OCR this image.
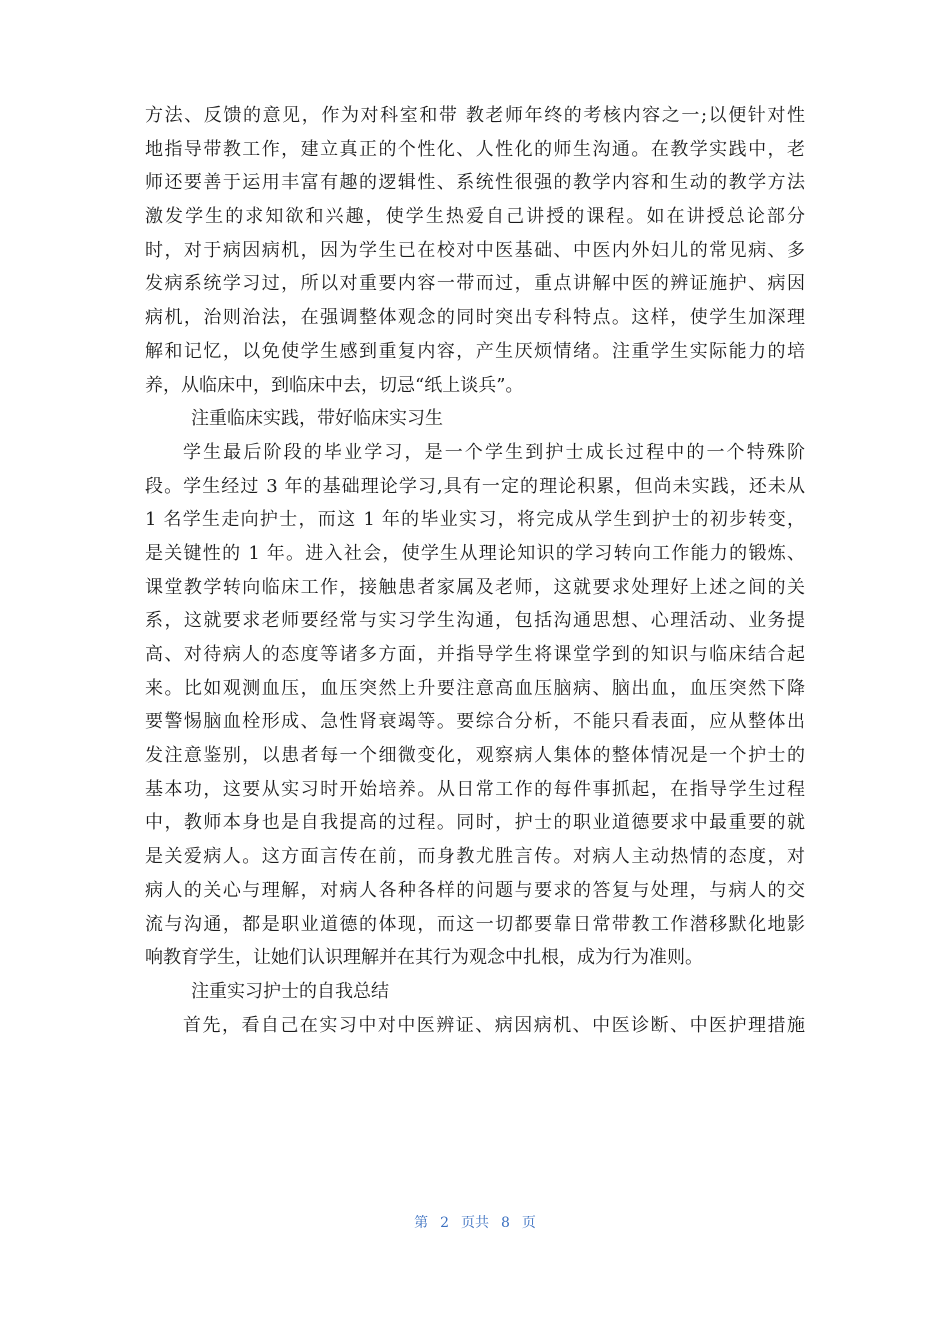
方法、反馈的意见，作为对科室和带 教老师年终的考核内容之一;以便针对性
地指导带教工作，建立真正的个性化、人性化的师生沟通。在教学实践中，老
师还要善于运用丰富有趣的逻辑性、系统性很强的教学内容和生动的教学方法
激发学生的求知欲和兴趣，使学生热爱自己讲授的课程。如在讲授总论部分
时，对于病因病机，因为学生已在校对中医基础、中医内外妇儿的常见病、多
发病系统学习过，所以对重要内容一带而过，重点讲解中医的辨证施护、病因
病机，治则治法，在强调整体观念的同时突出专科特点。这样，使学生加深理
解和记忆，以免使学生感到重复内容，产生厌烦情绪。注重学生实际能力的培
养，从临床中，到临床中去，切忌“纸上谈兵”。
注重临床实践，带好临床实习生
学生最后阶段的毕业学习，是一个学生到护士成长过程中的一个特殊阶
段。学生经过 3 年的基础理论学习,具有一定的理论积累，但尚未实践，还未从
1 名学生走向护士，而这 1 年的毕业实习，将完成从学生到护士的初步转变，
是关键性的 1 年。进入社会，使学生从理论知识的学习转向工作能力的锻炼、
课堂教学转向临床工作，接触患者家属及老师，这就要求处理好上述之间的关
系，这就要求老师要经常与实习学生沟通，包括沟通思想、心理活动、业务提
高、对待病人的态度等诸多方面，并指导学生将课堂学到的知识与临床结合起
来。比如观测血压，血压突然上升要注意高血压脑病、脑出血，血压突然下降
要警惕脑血栓形成、急性肾衰竭等。要综合分析，不能只看表面，应从整体出
发注意鉴别，以患者每一个细微变化，观察病人集体的整体情况是一个护士的
基本功，这要从实习时开始培养。从日常工作的每件事抓起，在指导学生过程
中，教师本身也是自我提高的过程。同时，护士的职业道德要求中最重要的就
是关爱病人。这方面言传在前，而身教尤胜言传。对病人主动热情的态度，对
病人的关心与理解，对病人各种各样的问题与要求的答复与处理，与病人的交
流与沟通，都是职业道德的体现，而这一切都要靠日常带教工作潜移默化地影
响教育学生，让她们认识理解并在其行为观念中扎根，成为行为准则。
注重实习护士的自我总结
首先，看自己在实习中对中医辨证、病因病机、中医诊断、中医护理措施
第 2 页共 8 页
